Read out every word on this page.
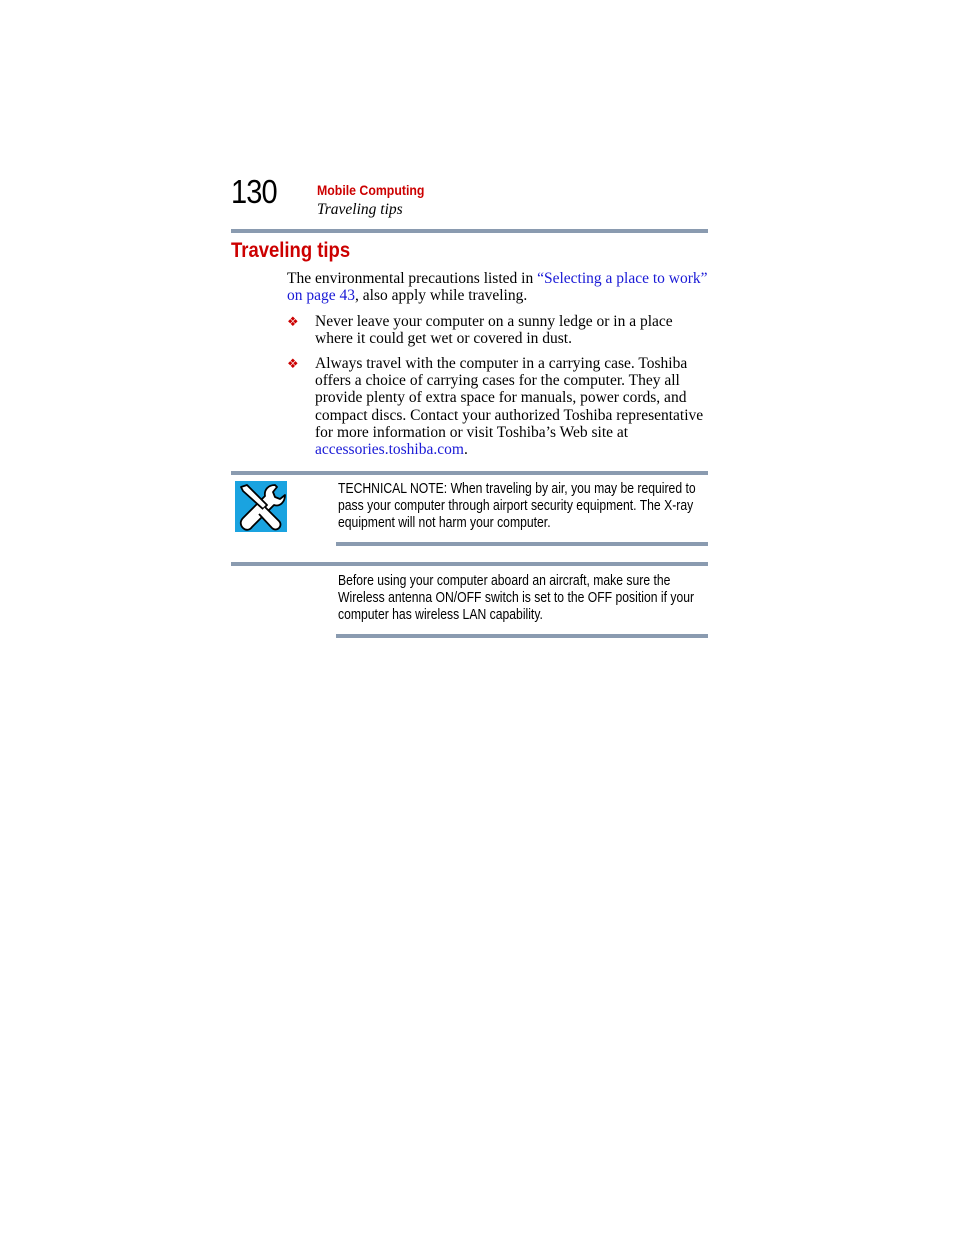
130	Mobile Computing
Traveling tips
Traveling tips
The environmental precautions listed in “Selecting a place to work” on page 43, also apply while traveling.
❖ Never leave your computer on a sunny ledge or in a place where it could get wet or covered in dust.
❖ Always travel with the computer in a carrying case. Toshiba offers a choice of carrying cases for the computer. They all provide plenty of extra space for manuals, power cords, and compact discs. Contact your authorized Toshiba representative for more information or visit Toshiba’s Web site at accessories.toshiba.com.
TECHNICAL NOTE: When traveling by air, you may be required to pass your computer through airport security equipment. The X-ray equipment will not harm your computer.
Before using your computer aboard an aircraft, make sure the Wireless antenna ON/OFF switch is set to the OFF position if your computer has wireless LAN capability.
